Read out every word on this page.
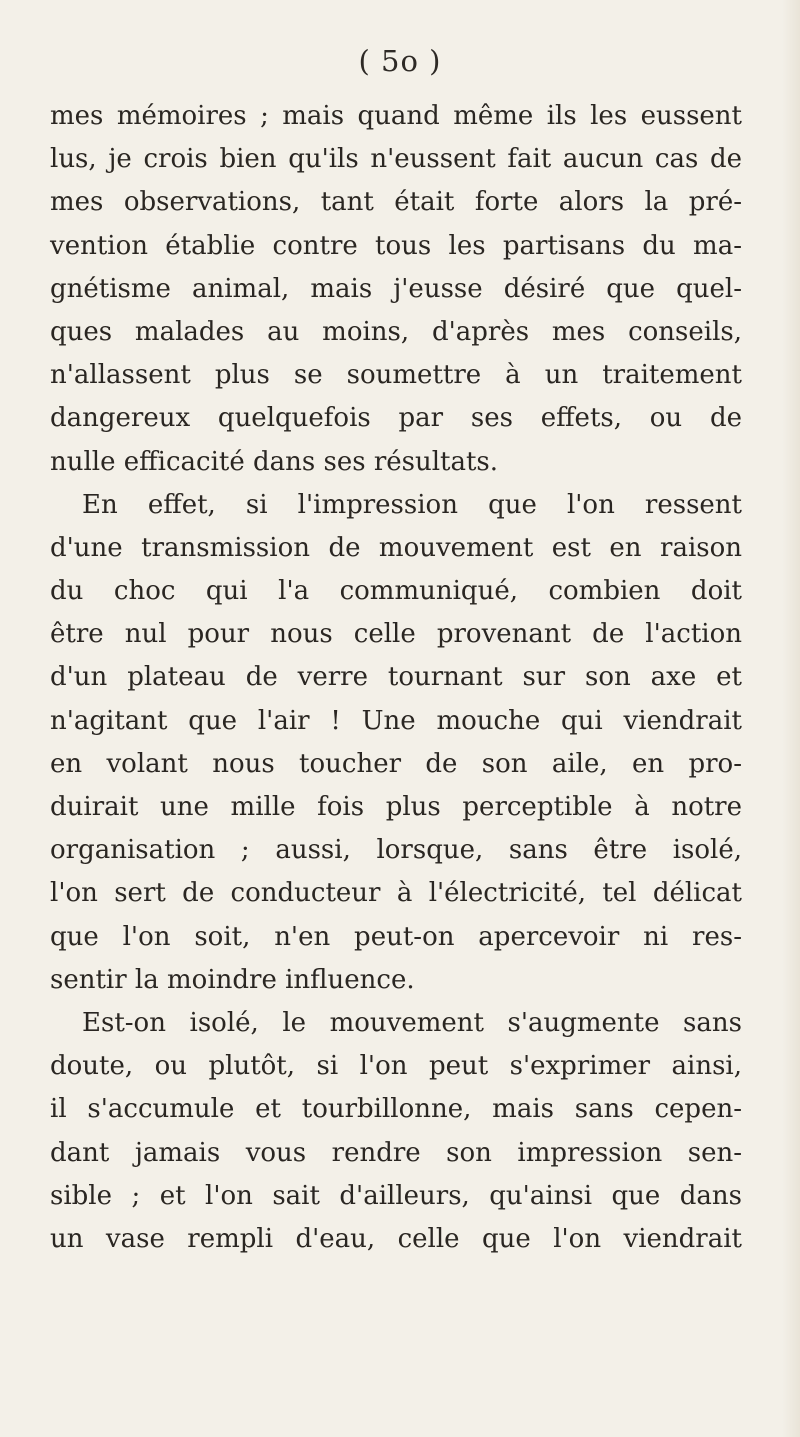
( 5o )
mes mémoires ; mais quand même ils les eussent
lus, je crois bien qu'ils n'eussent fait aucun cas de
mes observations, tant était forte alors la pré-
vention établie contre tous les partisans du ma-
gnétisme animal, mais j'eusse désiré que quel-
ques malades au moins, d'après mes conseils,
n'allassent plus se soumettre à un traitement
dangereux quelquefois par ses effets, ou de
nulle efficacité dans ses résultats.
En effet, si l'impression que l'on ressent
d'une transmission de mouvement est en raison
du choc qui l'a communiqué, combien doit
être nul pour nous celle provenant de l'action
d'un plateau de verre tournant sur son axe et
n'agitant que l'air ! Une mouche qui viendrait
en volant nous toucher de son aile, en pro-
duirait une mille fois plus perceptible à notre
organisation ; aussi, lorsque, sans être isolé,
l'on sert de conducteur à l'électricité, tel délicat
que l'on soit, n'en peut-on apercevoir ni res-
sentir la moindre influence.
Est-on isolé, le mouvement s'augmente sans
doute, ou plutôt, si l'on peut s'exprimer ainsi,
il s'accumule et tourbillonne, mais sans cepen-
dant jamais vous rendre son impression sen-
sible ; et l'on sait d'ailleurs, qu'ainsi que dans
un vase rempli d'eau, celle que l'on viendrait
